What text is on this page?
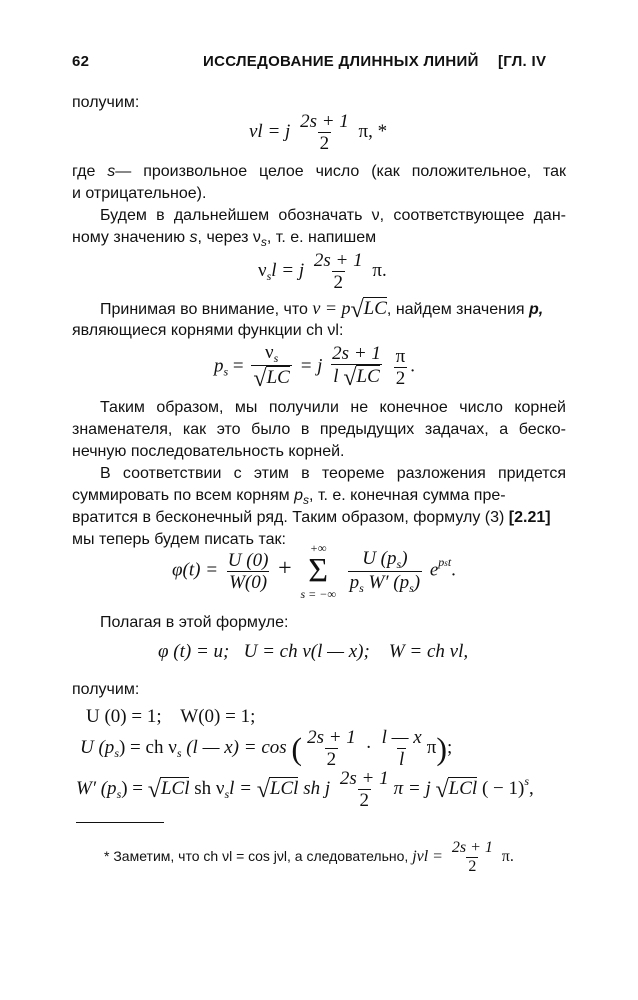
62	ИССЛЕДОВАНИЕ ДЛИННЫХ ЛИНИЙ [ГЛ. IV
получим:
νl = j $\frac{2s + 1}{2} \pi$, *
где s— произвольное целое число (как положительное, так
и отрицательное).
Будем в дальнейшем обозначать ν, соответствующее дан-
ному значению s, через $\nu_s$, т. е. напишем
$\nu_sl = j \frac{2s + 1}{2} \pi$.
Принимая во внимание, что ν = p√LC, найдем значения p,
являющиеся корнями функции ch νl:
$p_s = \frac{\nu_s}{√LC} = j \frac{2s + 1}{l √LC}$
$\frac{\pi}{2}$ .
Таким образом, мы получили не конечное число корней
знаменателя, как это было в предыдущих задачах, а беско-
нечную последовательность корней.
В соответствии с этим в теореме разложения придется
суммировать по всем корням $p_s$, т. е. конечная сумма пре-
вратится в бесконечный ряд. Таким образом, формулу (3) [2.21]
мы теперь будем писать так:
$\varphi(t) = \frac{U (0)}{W(0)}$ +
+∞
Σ
s = −∞

$\frac{U (p_s)}{p_s W' (p_s)} e^{pst}$.
Полагая в этой формуле:
φ (t) = u; U = ch ν(l — x); W = ch νl,
получим:
U (0) = 1;    W(0) = 1;
U $(p_s)$ = ch $\nu_s$ (l — x) = cos ( $\frac{2s + 1}{2} \cdot \frac{l — x}{l} \pi$);
W′ $(p_s) = √LCl$ sh $\nu_sl = √LCl$ sh j $\frac{2s + 1}{2}$ π = j √LCl ( − 1)$^s$,
* Заметим, что ch νl = cos jνl, а следовательно, $j\nu l = \frac{2s + 1}{2} \pi$.
